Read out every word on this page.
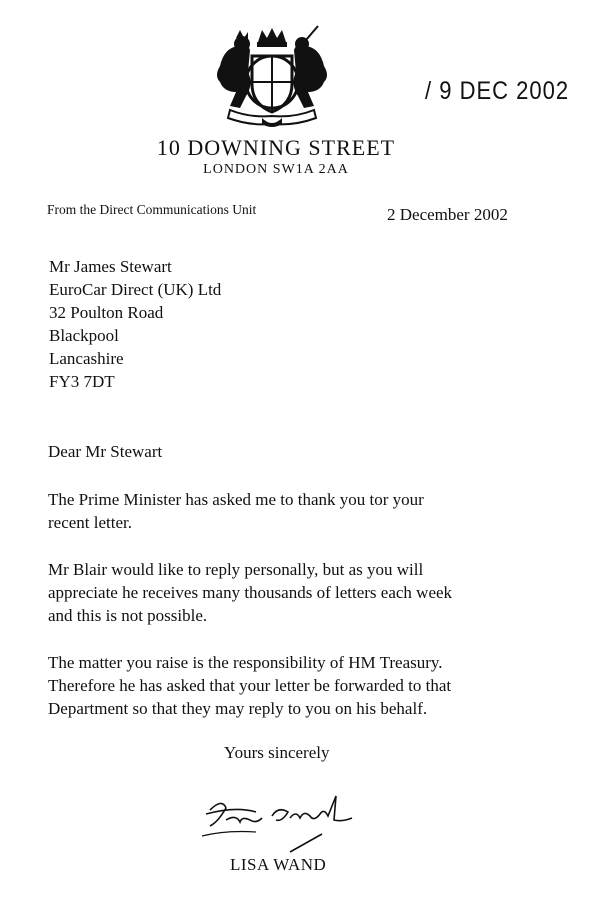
/ 9 DEC 2002
10 DOWNING STREET
LONDON SW1A 2AA
From the Direct Communications Unit	2 December 2002
Mr James Stewart
EuroCar Direct (UK) Ltd
32 Poulton Road
Blackpool
Lancashire
FY3 7DT
Dear Mr Stewart
The Prime Minister has asked me to thank you tor your
recent letter.
Mr Blair would like to reply personally, but as you will
appreciate he receives many thousands of letters each week
and this is not possible.
The matter you raise is the responsibility of HM Treasury.
Therefore he has asked that your letter be forwarded to that
Department so that they may reply to you on his behalf.
Yours sincerely
LISA WAND
